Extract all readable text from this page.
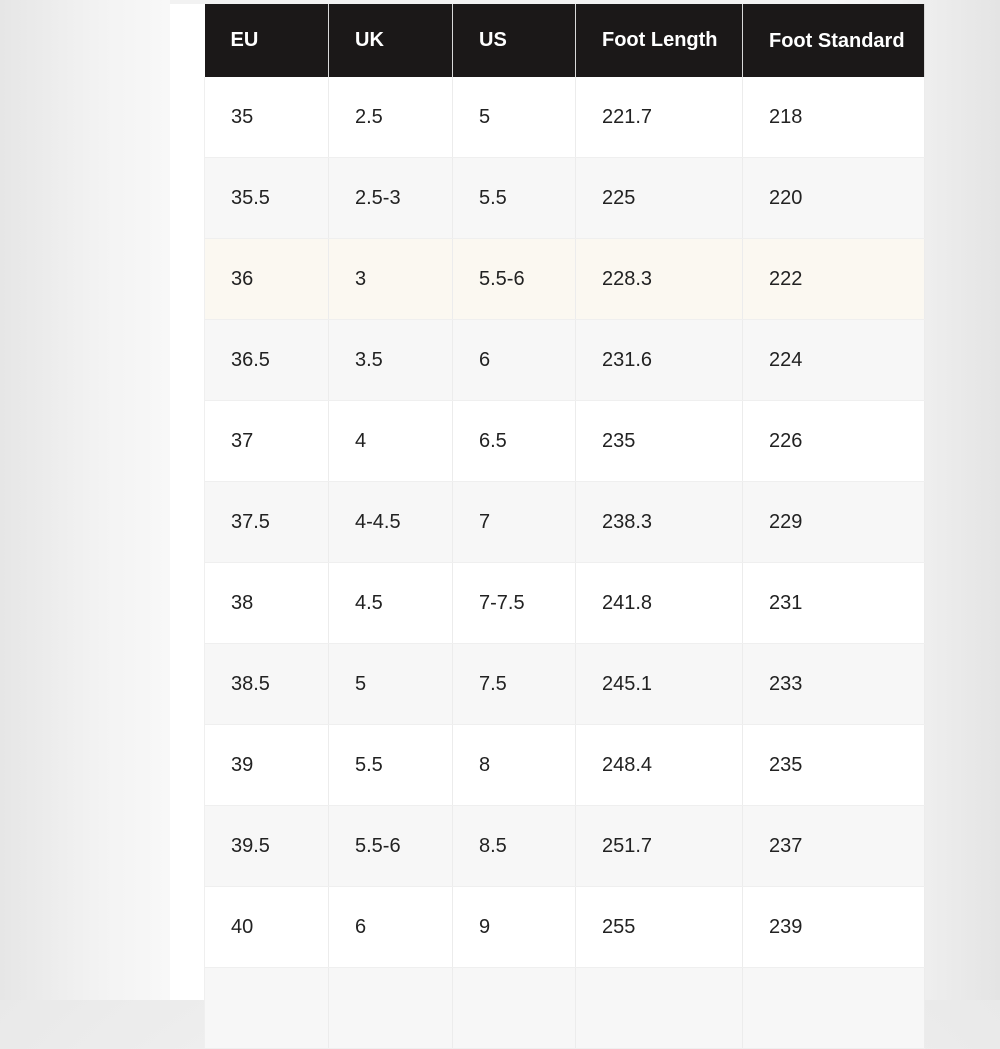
EU	UK	US	Foot Length	Foot Standard
35	2.5	5	221.7	218
35.5	2.5-3	5.5	225	220
36	3	5.5-6	228.3	222
36.5	3.5	6	231.6	224
37	4	6.5	235	226
37.5	4-4.5	7	238.3	229
38	4.5	7-7.5	241.8	231
38.5	5	7.5	245.1	233
39	5.5	8	248.4	235
39.5	5.5-6	8.5	251.7	237
40	6	9	255	239
